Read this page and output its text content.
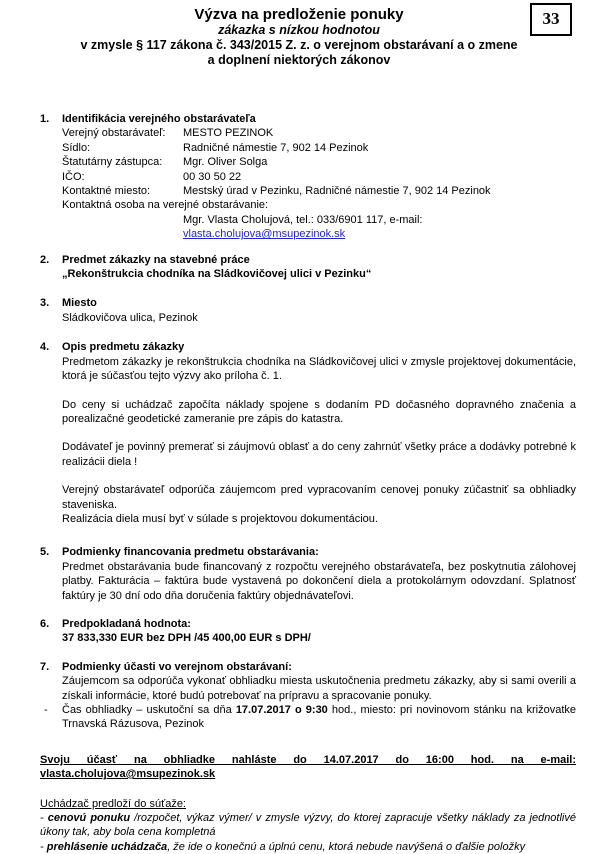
33
Výzva na predloženie ponuky
zákazka s nízkou hodnotou
v zmysle § 117 zákona č. 343/2015 Z. z. o verejnom obstarávaní a o zmene
a doplnení niektorých zákonov
1.	Identifikácia verejného obstarávateľa
Verejný obstarávateľ:	MESTO PEZINOK
Sídlo:	Radničné námestie 7, 902 14 Pezinok
Štatutárny zástupca:	Mgr. Oliver Solga
IČO:	00 30 50 22
Kontaktné miesto:	Mestský úrad v Pezinku, Radničné námestie 7, 902 14 Pezinok
Kontaktná osoba na verejné obstarávanie:
Mgr. Vlasta Cholujová, tel.: 033/6901 117, e-mail:
vlasta.cholujova@msupezinok.sk
2.	Predmet zákazky na stavebné práce
„Rekonštrukcia chodníka na Sládkovičovej ulici v Pezinku“
3.	Miesto
Sládkovičova ulica, Pezinok
4.	Opis predmetu zákazky

Predmetom zákazky je rekonštrukcia chodníka na Sládkovičovej ulici v zmysle projektovej dokumentácie, ktorá je súčasťou tejto výzvy ako príloha č. 1.

Do ceny si uchádzač započíta náklady spojene s dodaním PD dočasného dopravného značenia a porealizačné geodetické zameranie pre zápis do katastra.

Dodávateľ je povinný premerať si záujmovú oblasť a do ceny zahrnúť všetky práce a dodávky potrebné k realizácii diela !

Verejný obstarávateľ odporúča záujemcom pred vypracovaním cenovej ponuky zúčastniť sa obhliadky staveniska.

Realizácia diela musí byť v súlade s projektovou dokumentáciou.

5.	Podmienky financovania predmetu obstarávania:

Predmet obstarávania bude financovaný z rozpočtu verejného obstarávateľa, bez poskytnutia zálohovej platby. Fakturácia – faktúra bude vystavená po dokončení diela a protokolárnym odovzdaní. Splatnosť faktúry je 30 dní odo dňa doručenia faktúry objednávateľovi.

6.	Predpokladaná hodnota:
37 833,330 EUR bez DPH /45 400,00 EUR s DPH/
7.	Podmienky účasti vo verejnom obstarávaní:

Záujemcom sa odporúča vykonať obhliadku miesta uskutočnenia predmetu zákazky, aby si sami overili a získali informácie, ktoré budú potrebovať na prípravu a spracovanie ponuky.

-	Čas obhliadky – uskutoční sa dňa 17.07.2017 o 9:30 hod., miesto: pri novinovom stánku na križovatke Trnavská Rázusova, Pezinok

Svoju účasť na obhliadke nahláste do 14.07.2017 do 16:00 hod. na e-mail: vlasta.cholujova@msupezinok.sk

Uchádzač predloží do súťaže:

- cenovú ponuku /rozpočet, výkaz výmer/ v zmysle výzvy, do ktorej zapracuje všetky náklady za jednotlivé úkony tak, aby bola cena kompletná

- prehlásenie uchádzača, že ide o konečnú a úplnú cenu, ktorá nebude navýšená o ďalšie položky
